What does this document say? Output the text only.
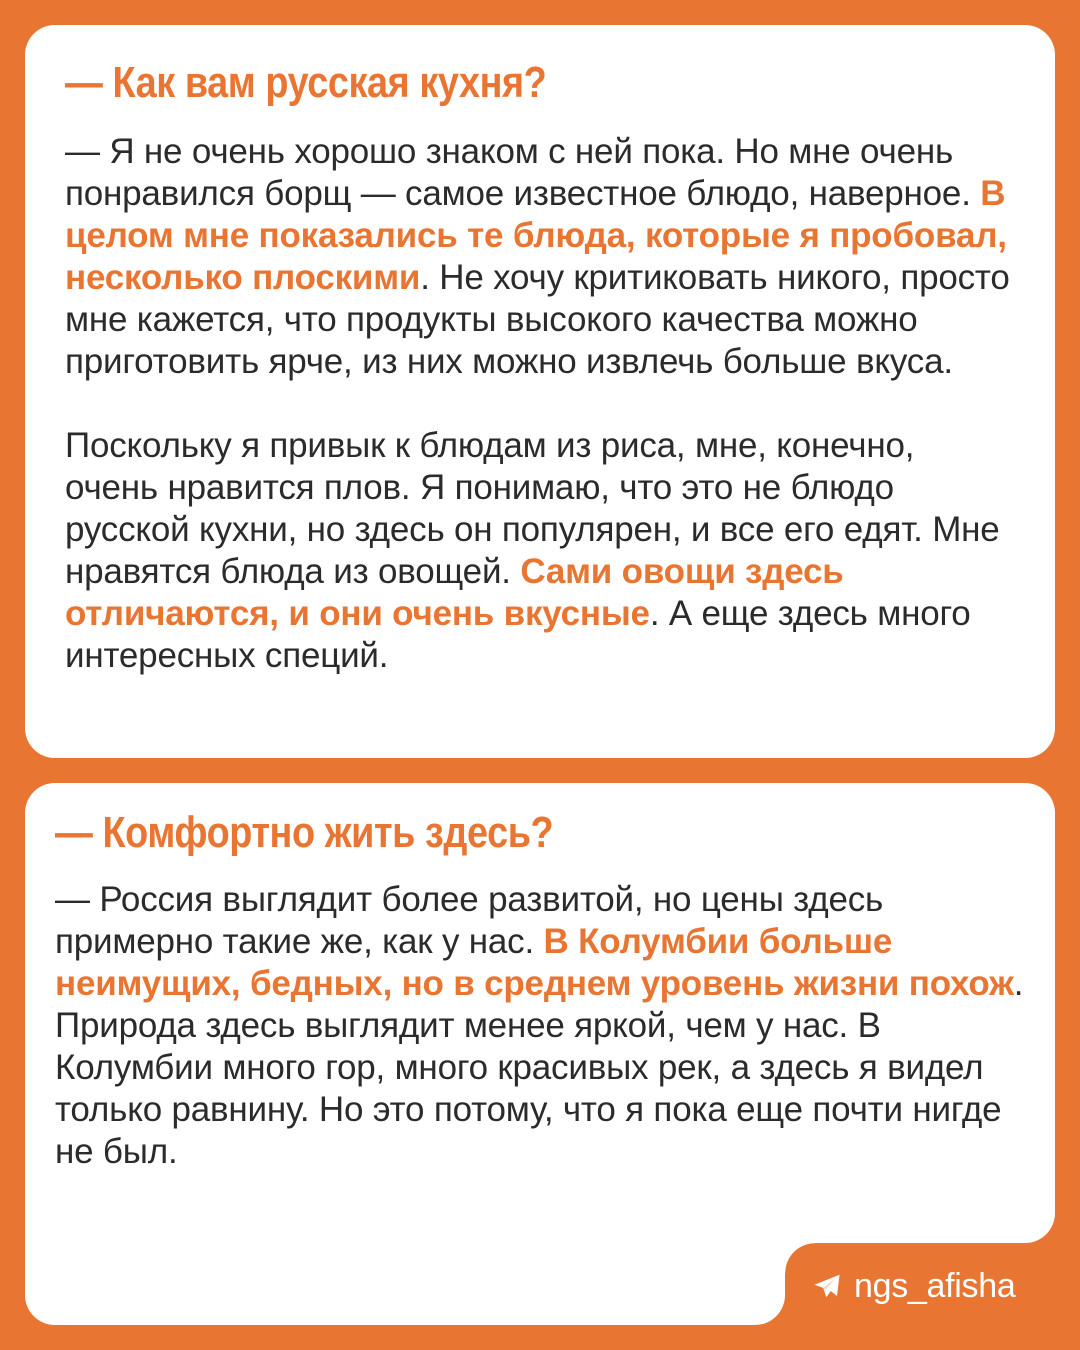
— Как вам русская кухня?

— Я не очень хорошо знаком с ней пока. Но мне очень понравился борщ — самое известное блюдо, наверное. В целом мне показались те блюда, которые я пробовал, несколько плоскими. Не хочу критиковать никого, просто мне кажется, что продукты высокого качества можно приготовить ярче, из них можно извлечь больше вкуса.

Поскольку я привык к блюдам из риса, мне, конечно, очень нравится плов. Я понимаю, что это не блюдо русской кухни, но здесь он популярен, и все его едят. Мне нравятся блюда из овощей. Сами овощи здесь отличаются, и они очень вкусные. А еще здесь много интересных специй.

— Комфортно жить здесь?

— Россия выглядит более развитой, но цены здесь примерно такие же, как у нас. В Колумбии больше неимущих, бедных, но в среднем уровень жизни похож. Природа здесь выглядит менее яркой, чем у нас. В Колумбии много гор, много красивых рек, а здесь я видел только равнину. Но это потому, что я пока еще почти нигде не был.

ngs_afisha
